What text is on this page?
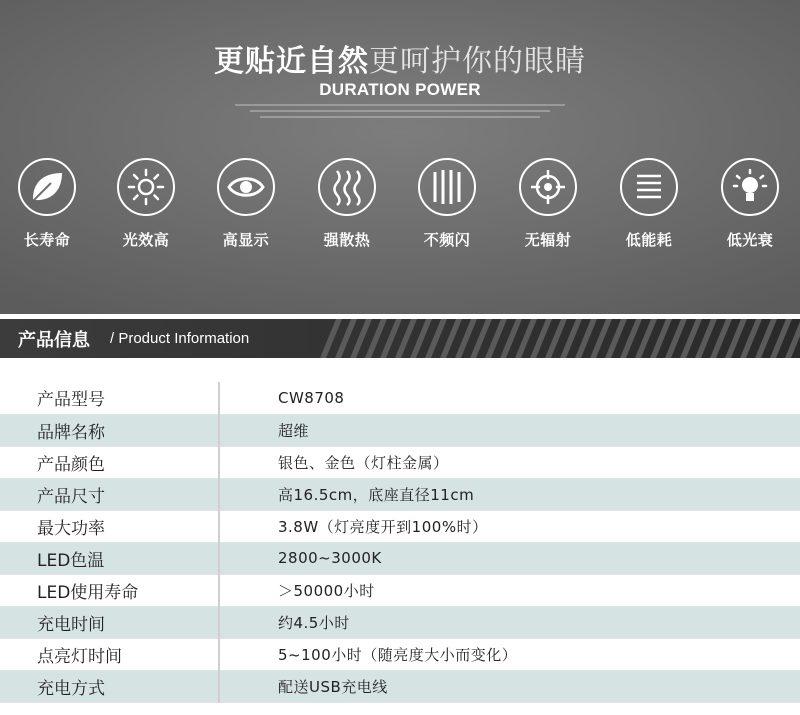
更贴近自然更呵护你的眼睛
DURATION POWER
长寿命	光效高	高显示	强散热	不频闪	无辐射	低能耗	低光衰
产品信息 / Product Information
产品型号	CW8708
品牌名称	超维
产品颜色	银色、金色（灯柱金属）
产品尺寸	高16.5cm，底座直径11cm
最大功率	3.8W（灯亮度开到100%时）
LED色温	2800~3000K
LED使用寿命	＞50000小时
充电时间	约4.5小时
点亮灯时间	5~100小时（随亮度大小而变化）
充电方式	配送USB充电线
